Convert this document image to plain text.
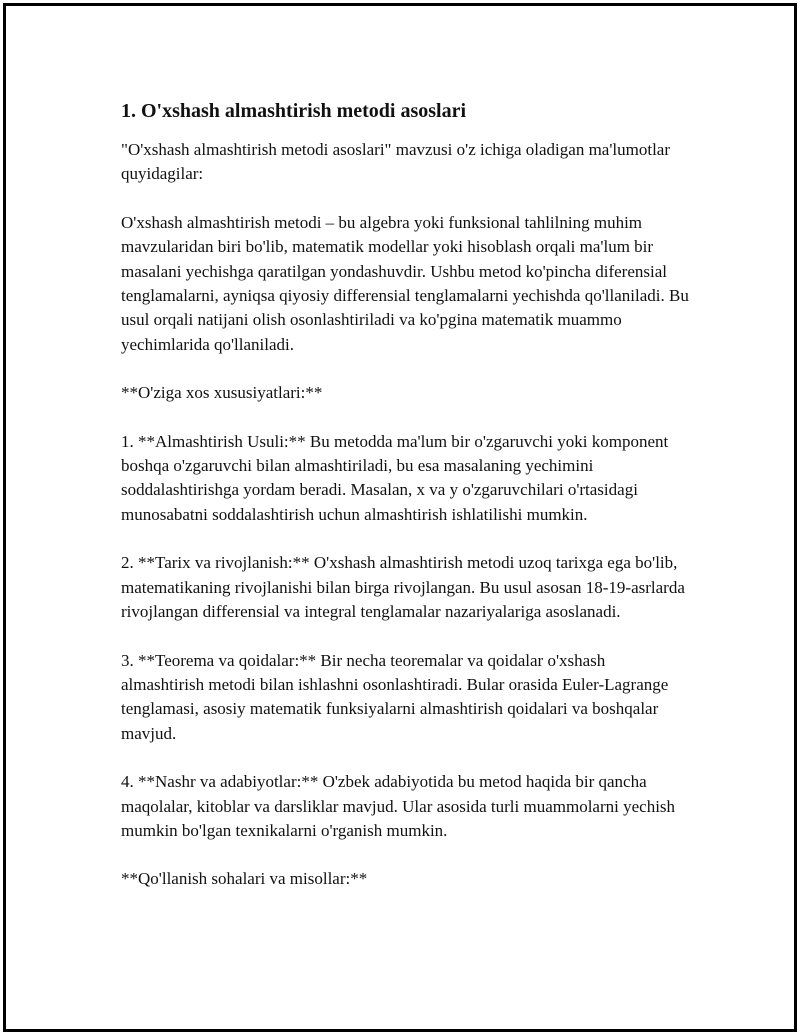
1. O'xshash almashtirish metodi asoslari

"O'xshash almashtirish metodi asoslari" mavzusi o'z ichiga oladigan ma'lumotlar quyidagilar:

O'xshash almashtirish metodi – bu algebra yoki funksional tahlilning muhim mavzularidan biri bo'lib, matematik modellar yoki hisoblash orqali ma'lum bir masalani yechishga qaratilgan yondashuvdir. Ushbu metod ko'pincha diferensial tenglamalarni, ayniqsa qiyosiy differensial tenglamalarni yechishda qo'llaniladi. Bu usul orqali natijani olish osonlashtiriladi va ko'pgina matematik muammo yechimlarida qo'llaniladi.

**O'ziga xos xususiyatlari:**

1. **Almashtirish Usuli:** Bu metodda ma'lum bir o'zgaruvchi yoki komponent boshqa o'zgaruvchi bilan almashtiriladi, bu esa masalaning yechimini soddalashtirishga yordam beradi. Masalan, x va y o'zgaruvchilari o'rtasidagi munosabatni soddalashtirish uchun almashtirish ishlatilishi mumkin.

2. **Tarix va rivojlanish:** O'xshash almashtirish metodi uzoq tarixga ega bo'lib, matematikaning rivojlanishi bilan birga rivojlangan. Bu usul asosan 18-19-asrlarda rivojlangan differensial va integral tenglamalar nazariyalariga asoslanadi.

3. **Teorema va qoidalar:** Bir necha teoremalar va qoidalar o'xshash almashtirish metodi bilan ishlashni osonlashtiradi. Bular orasida Euler-Lagrange tenglamasi, asosiy matematik funksiyalarni almashtirish qoidalari va boshqalar mavjud.

4. **Nashr va adabiyotlar:** O'zbek adabiyotida bu metod haqida bir qancha maqolalar, kitoblar va darsliklar mavjud. Ular asosida turli muammolarni yechish mumkin bo'lgan texnikalarni o'rganish mumkin.

**Qo'llanish sohalari va misollar:**
